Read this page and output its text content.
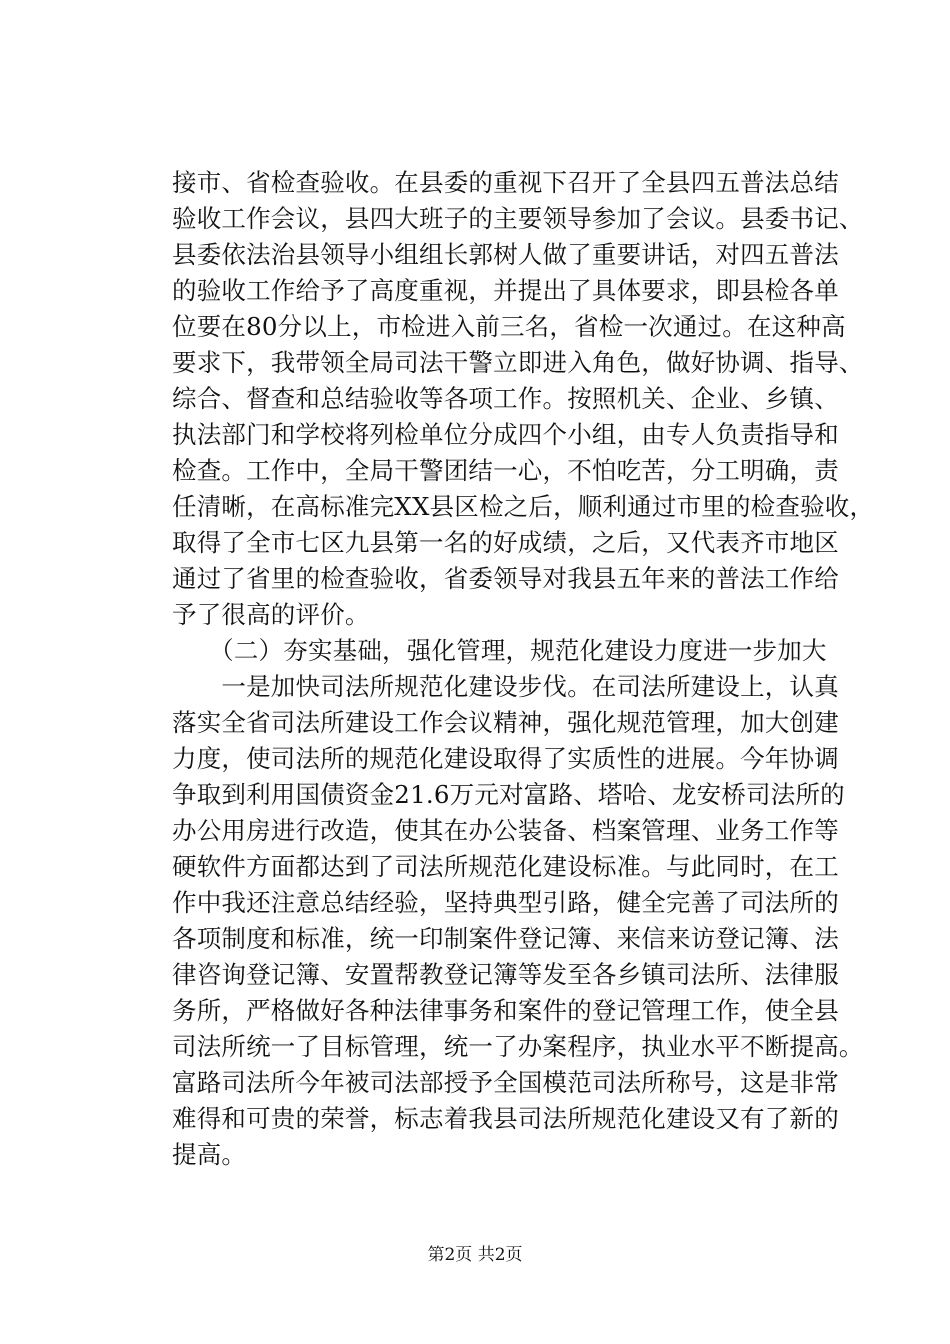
接市、省检查验收。在县委的重视下召开了全县四五普法总结
验收工作会议，县四大班子的主要领导参加了会议。县委书记、
县委依法治县领导小组组长郭树人做了重要讲话，对四五普法
的验收工作给予了高度重视，并提出了具体要求，即县检各单
位要在80分以上，市检进入前三名，省检一次通过。在这种高
要求下，我带领全局司法干警立即进入角色，做好协调、指导、
综合、督查和总结验收等各项工作。按照机关、企业、乡镇、
执法部门和学校将列检单位分成四个小组，由专人负责指导和
检查。工作中，全局干警团结一心，不怕吃苦，分工明确，责
任清晰，在高标准完XX县区检之后，顺利通过市里的检查验收，
取得了全市七区九县第一名的好成绩，之后，又代表齐市地区
通过了省里的检查验收，省委领导对我县五年来的普法工作给
予了很高的评价。
　　（二）夯实基础，强化管理，规范化建设力度进一步加大
　　一是加快司法所规范化建设步伐。在司法所建设上，认真
落实全省司法所建设工作会议精神，强化规范管理，加大创建
力度，使司法所的规范化建设取得了实质性的进展。今年协调
争取到利用国债资金21.6万元对富路、塔哈、龙安桥司法所的
办公用房进行改造，使其在办公装备、档案管理、业务工作等
硬软件方面都达到了司法所规范化建设标准。与此同时，在工
作中我还注意总结经验，坚持典型引路，健全完善了司法所的
各项制度和标准，统一印制案件登记簿、来信来访登记簿、法
律咨询登记簿、安置帮教登记簿等发至各乡镇司法所、法律服
务所，严格做好各种法律事务和案件的登记管理工作，使全县
司法所统一了目标管理，统一了办案程序，执业水平不断提高。
富路司法所今年被司法部授予全国模范司法所称号，这是非常
难得和可贵的荣誉，标志着我县司法所规范化建设又有了新的
提高。
第2页 共2页
